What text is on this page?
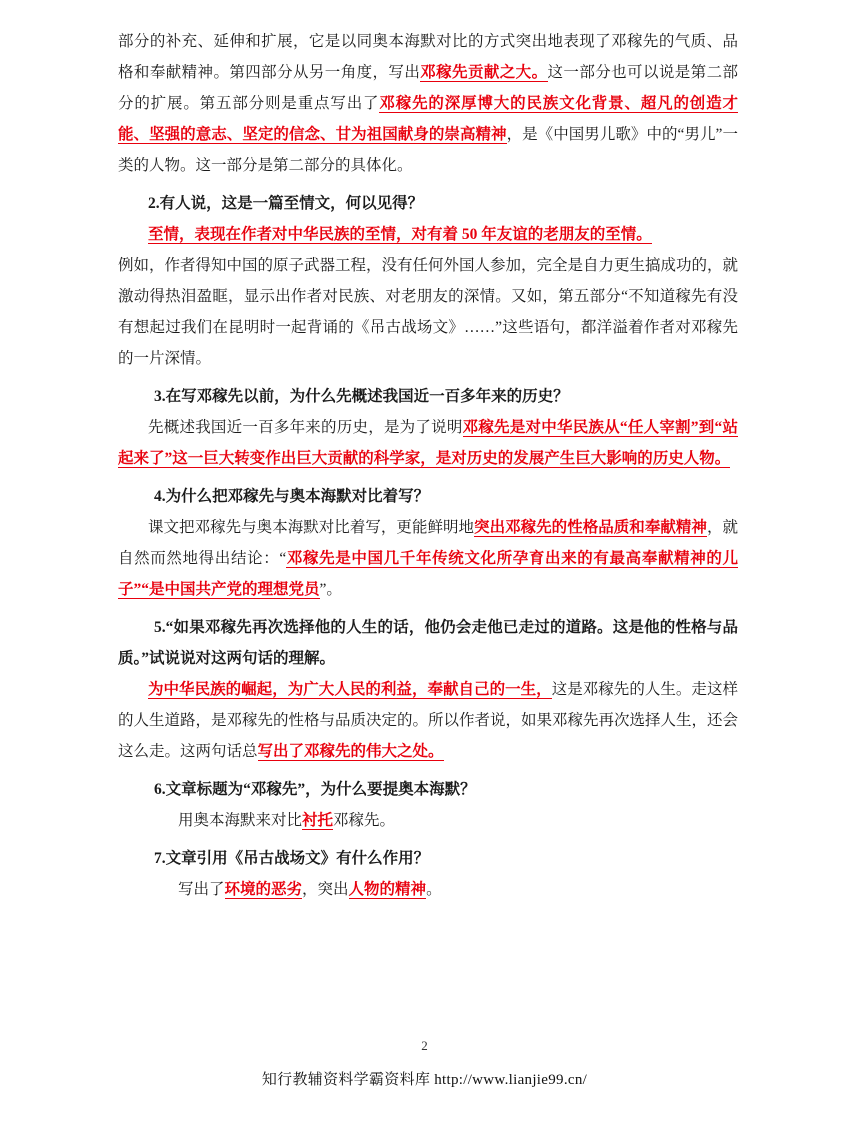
部分的补充、延伸和扩展，它是以同奥本海默对比的方式突出地表现了邓稼先的气质、品格和奉献精神。第四部分从另一角度，写出邓稼先贡献之大。这一部分也可以说是第二部分的扩展。第五部分则是重点写出了邓稼先的深厚博大的民族文化背景、超凡的创造才能、坚强的意志、坚定的信念、甘为祖国献身的崇高精神，是《中国男儿歌》中的“男儿”一类的人物。这一部分是第二部分的具体化。

2.有人说，这是一篇至情文，何以见得？

至情，表现在作者对中华民族的至情，对有着 50 年友谊的老朋友的至情。

例如，作者得知中国的原子武器工程，没有任何外国人参加，完全是自力更生搞成功的，就激动得热泪盈眶，显示出作者对民族、对老朋友的深情。又如，第五部分“不知道稼先有没有想起过我们在昆明时一起背诵的《吊古战场文》……”这些语句，都洋溢着作者对邓稼先的一片深情。

3.在写邓稼先以前，为什么先概述我国近一百多年来的历史？

先概述我国近一百多年来的历史，是为了说明邓稼先是对中华民族从“任人宰割”到“站起来了”这一巨大转变作出巨大贡献的科学家，是对历史的发展产生巨大影响的历史人物。

4.为什么把邓稼先与奥本海默对比着写？

课文把邓稼先与奥本海默对比着写，更能鲜明地突出邓稼先的性格品质和奉献精神，就自然而然地得出结论：“邓稼先是中国几千年传统文化所孕育出来的有最高奉献精神的儿子”“是中国共产党的理想党员”。

5.“如果邓稼先再次选择他的人生的话，他仍会走他已走过的道路。这是他的性格与品质。”试说说对这两句话的理解。

为中华民族的崛起，为广大人民的利益，奉献自己的一生，这是邓稼先的人生。走这样的人生道路，是邓稼先的性格与品质决定的。所以作者说，如果邓稼先再次选择人生，还会这么走。这两句话总写出了邓稼先的伟大之处。

6.文章标题为“邓稼先”，为什么要提奥本海默？

用奥本海默来对比衬托邓稼先。

7.文章引用《吊古战场文》有什么作用？

写出了环境的恶劣，突出人物的精神。

2
知行教辅资料学霸资料库 http://www.lianjie99.cn/
